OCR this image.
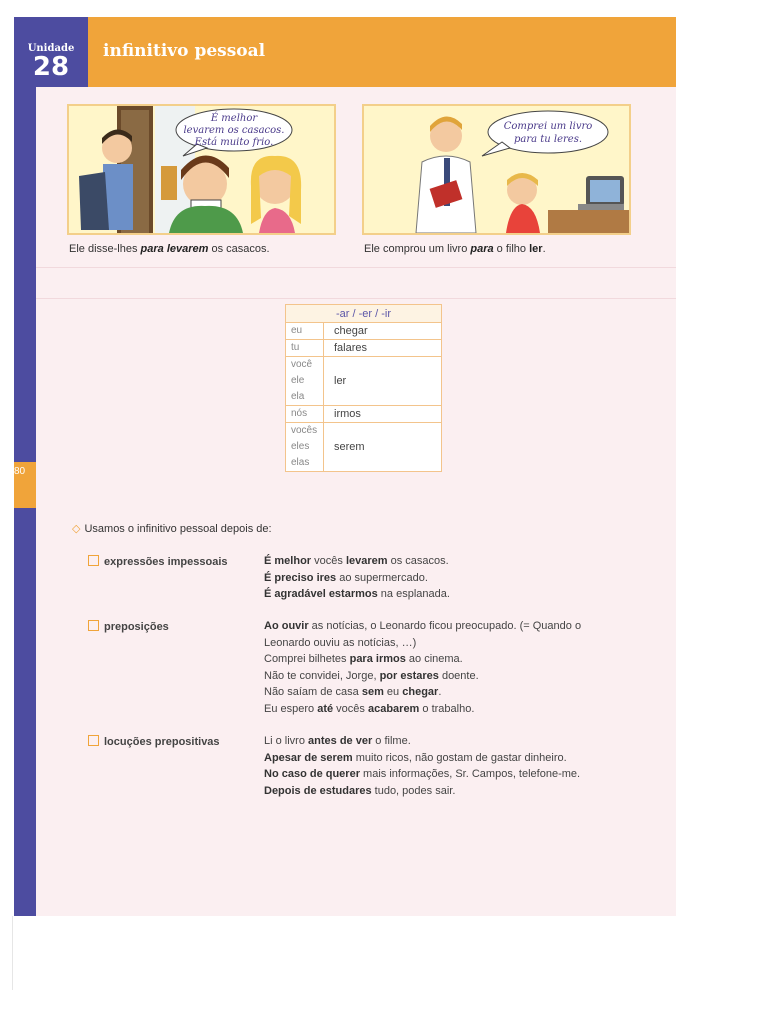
80
Unidade
28
infinitivo pessoal
É melhor
levarem os casacos.
Está muito frio.
Ele disse-lhes para levarem os casacos.
Comprei um livro
para tu leres.
Ele comprou um livro para o filho ler.
-ar / -er / -ir	

eu	chegar

tu	falares

você
ele
ela	ler

nós	irmos

vocês
eles
elas	serem
◇ Usamos o infinitivo pessoal depois de:
expressões impessoais	É melhor vocês levarem os casacos.
É preciso ires ao supermercado.
É agradável estarmos na esplanada.
preposições	Ao ouvir as notícias, o Leonardo ficou preocupado. (= Quando o
Leonardo ouviu as notícias, …)
Comprei bilhetes para irmos ao cinema.
Não te convidei, Jorge, por estares doente.
Não saíam de casa sem eu chegar.
Eu espero até vocês acabarem o trabalho.
locuções prepositivas	Li o livro antes de ver o filme.
Apesar de serem muito ricos, não gostam de gastar dinheiro.
No caso de querer mais informações, Sr. Campos, telefone-me.
Depois de estudares tudo, podes sair.
